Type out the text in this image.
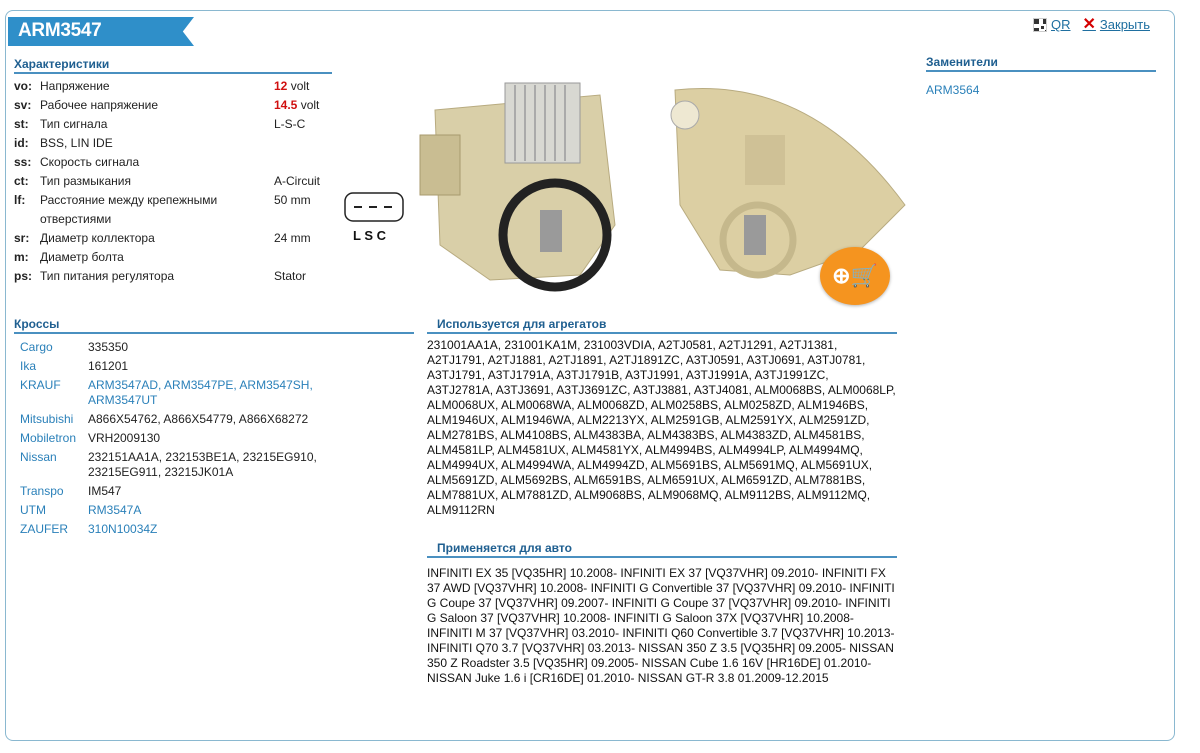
ARM3547	QR ✕ Закрыть
Характеристики
vo:	Напряжение	12 volt
sv:	Рабочее напряжение	14.5 volt
st:	Тип сигнала	L-S-C
id:	BSS, LIN IDE	
ss:	Скорость сигнала	
ct:	Тип размыкания	A-Circuit
lf:	Расстояние между крепежными отверстиями	50 mm
sr:	Диаметр коллектора	24 mm
m:	Диаметр болта	
ps:	Тип питания регулятора	Stator
L S C
⊕🛒
Кроссы
Cargo	335350
Ika	161201
KRAUF	ARM3547AD, ARM3547PE, ARM3547SH, ARM3547UT
Mitsubishi	A866X54762, A866X54779, A866X68272
Mobiletron	VRH2009130
Nissan	232151AA1A, 232153BE1A, 23215EG910, 23215EG911, 23215JK01A
Transpo	IM547
UTM	RM3547A
ZAUFER	310N10034Z
Используется для агрегатов
231001AA1A, 231001KA1M, 231003VDIA, A2TJ0581, A2TJ1291, A2TJ1381, A2TJ1791, A2TJ1881, A2TJ1891, A2TJ1891ZC, A3TJ0591, A3TJ0691, A3TJ0781, A3TJ1791, A3TJ1791A, A3TJ1791B, A3TJ1991, A3TJ1991A, A3TJ1991ZC, A3TJ2781A, A3TJ3691, A3TJ3691ZC, A3TJ3881, A3TJ4081, ALM0068BS, ALM0068LP, ALM0068UX, ALM0068WA, ALM0068ZD, ALM0258BS, ALM0258ZD, ALM1946BS, ALM1946UX, ALM1946WA, ALM2213YX, ALM2591GB, ALM2591YX, ALM2591ZD, ALM2781BS, ALM4108BS, ALM4383BA, ALM4383BS, ALM4383ZD, ALM4581BS, ALM4581LP, ALM4581UX, ALM4581YX, ALM4994BS, ALM4994LP, ALM4994MQ, ALM4994UX, ALM4994WA, ALM4994ZD, ALM5691BS, ALM5691MQ, ALM5691UX, ALM5691ZD, ALM5692BS, ALM6591BS, ALM6591UX, ALM6591ZD, ALM7881BS, ALM7881UX, ALM7881ZD, ALM9068BS, ALM9068MQ, ALM9112BS, ALM9112MQ, ALM9112RN
Применяется для авто
INFINITI EX 35 [VQ35HR] 10.2008- INFINITI EX 37 [VQ37VHR] 09.2010- INFINITI FX 37 AWD [VQ37VHR] 10.2008- INFINITI G Convertible 37 [VQ37VHR] 09.2010- INFINITI G Coupe 37 [VQ37VHR] 09.2007- INFINITI G Coupe 37 [VQ37VHR] 09.2010- INFINITI G Saloon 37 [VQ37VHR] 10.2008- INFINITI G Saloon 37X [VQ37VHR] 10.2008- INFINITI M 37 [VQ37VHR] 03.2010- INFINITI Q60 Convertible 3.7 [VQ37VHR] 10.2013- INFINITI Q70 3.7 [VQ37VHR] 03.2013- NISSAN 350 Z 3.5 [VQ35HR] 09.2005- NISSAN 350 Z Roadster 3.5 [VQ35HR] 09.2005- NISSAN Cube 1.6 16V [HR16DE] 01.2010- NISSAN Juke 1.6 i [CR16DE] 01.2010- NISSAN GT-R 3.8 01.2009-12.2015
Заменители
ARM3564
